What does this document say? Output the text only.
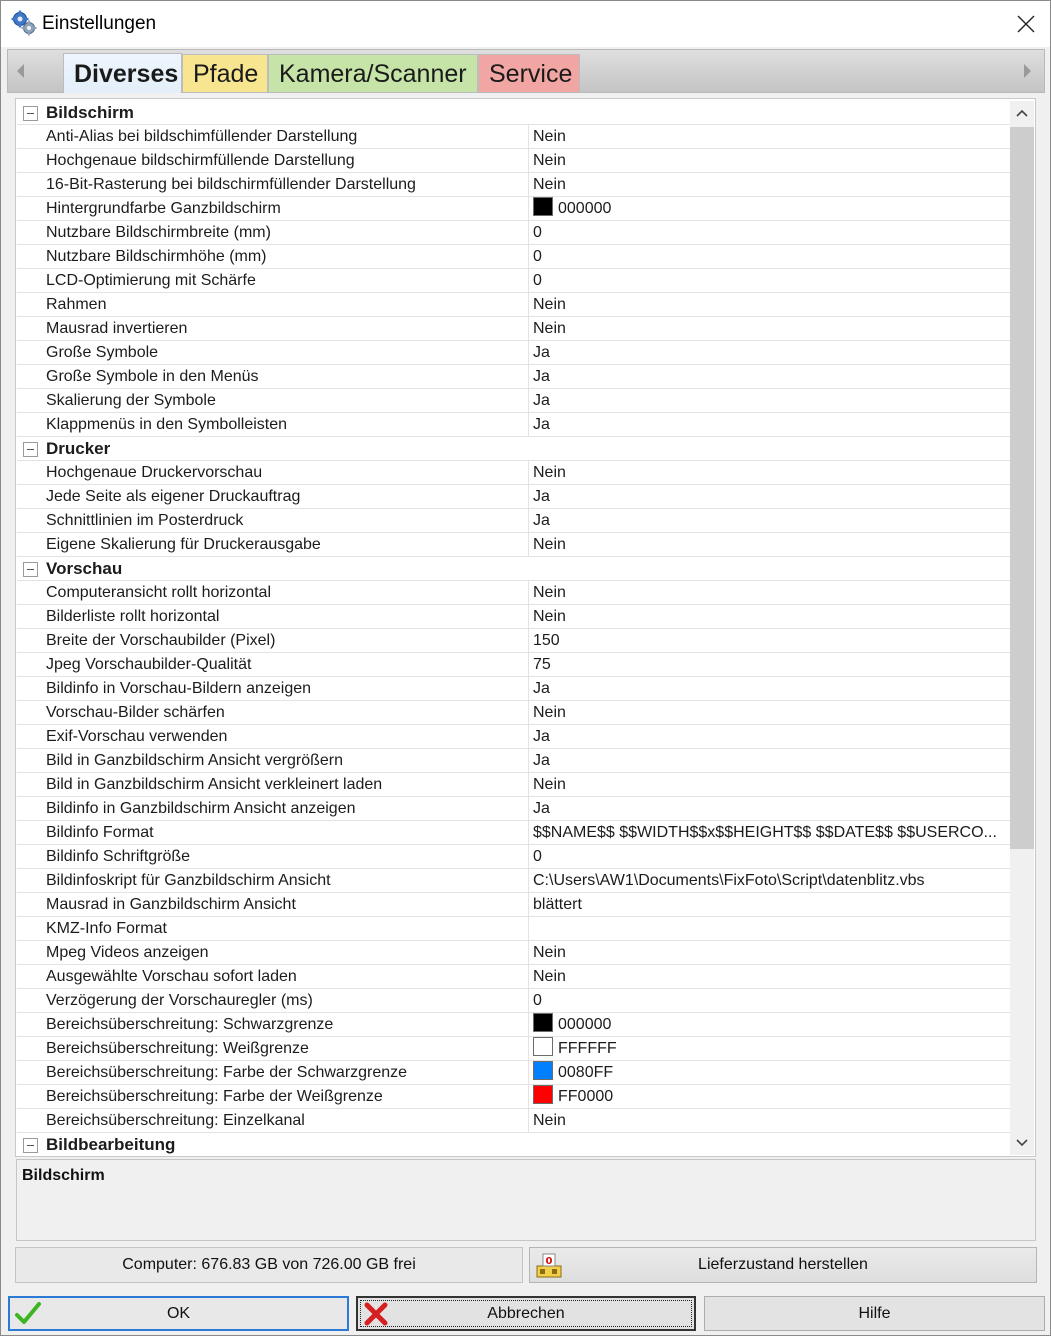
Einstellungen
Diverses Pfade Kamera/Scanner Service
Bildschirm
Anti-Alias bei bildschimfüllender Darstellung	Nein
Hochgenaue bildschirmfüllende Darstellung	Nein
16-Bit-Rasterung bei bildschirmfüllender Darstellung	Nein
Hintergrundfarbe Ganzbildschirm	000000
Nutzbare Bildschirmbreite (mm)	0
Nutzbare Bildschirmhöhe (mm)	0
LCD-Optimierung mit Schärfe	0
Rahmen	Nein
Mausrad invertieren	Nein
Große Symbole	Ja
Große Symbole in den Menüs	Ja
Skalierung der Symbole	Ja
Klappmenüs in den Symbolleisten	Ja
Drucker
Hochgenaue Druckervorschau	Nein
Jede Seite als eigener Druckauftrag	Ja
Schnittlinien im Posterdruck	Ja
Eigene Skalierung für Druckerausgabe	Nein
Vorschau
Computeransicht rollt horizontal	Nein
Bilderliste rollt horizontal	Nein
Breite der Vorschaubilder (Pixel)	150
Jpeg Vorschaubilder-Qualität	75
Bildinfo in Vorschau-Bildern anzeigen	Ja
Vorschau-Bilder schärfen	Nein
Exif-Vorschau verwenden	Ja
Bild in Ganzbildschirm Ansicht vergrößern	Ja
Bild in Ganzbildschirm Ansicht verkleinert laden	Nein
Bildinfo in Ganzbildschirm Ansicht anzeigen	Ja
Bildinfo Format	$$NAME$$ $$WIDTH$$x$$HEIGHT$$ $$DATE$$ $$USERCO...
Bildinfo Schriftgröße	0
Bildinfoskript für Ganzbildschirm Ansicht	C:\Users\AW1\Documents\FixFoto\Script\datenblitz.vbs
Mausrad in Ganzbildschirm Ansicht	blättert
KMZ-Info Format
Mpeg Videos anzeigen	Nein
Ausgewählte Vorschau sofort laden	Nein
Verzögerung der Vorschauregler (ms)	0
Bereichsüberschreitung: Schwarzgrenze	000000
Bereichsüberschreitung: Weißgrenze	FFFFFF
Bereichsüberschreitung: Farbe der Schwarzgrenze	0080FF
Bereichsüberschreitung: Farbe der Weißgrenze	FF0000
Bereichsüberschreitung: Einzelkanal	Nein
Bildbearbeitung
Bildschirm
Computer: 676.83 GB von 726.00 GB frei	0	Lieferzustand herstellen
OK	Abbrechen	Hilfe
